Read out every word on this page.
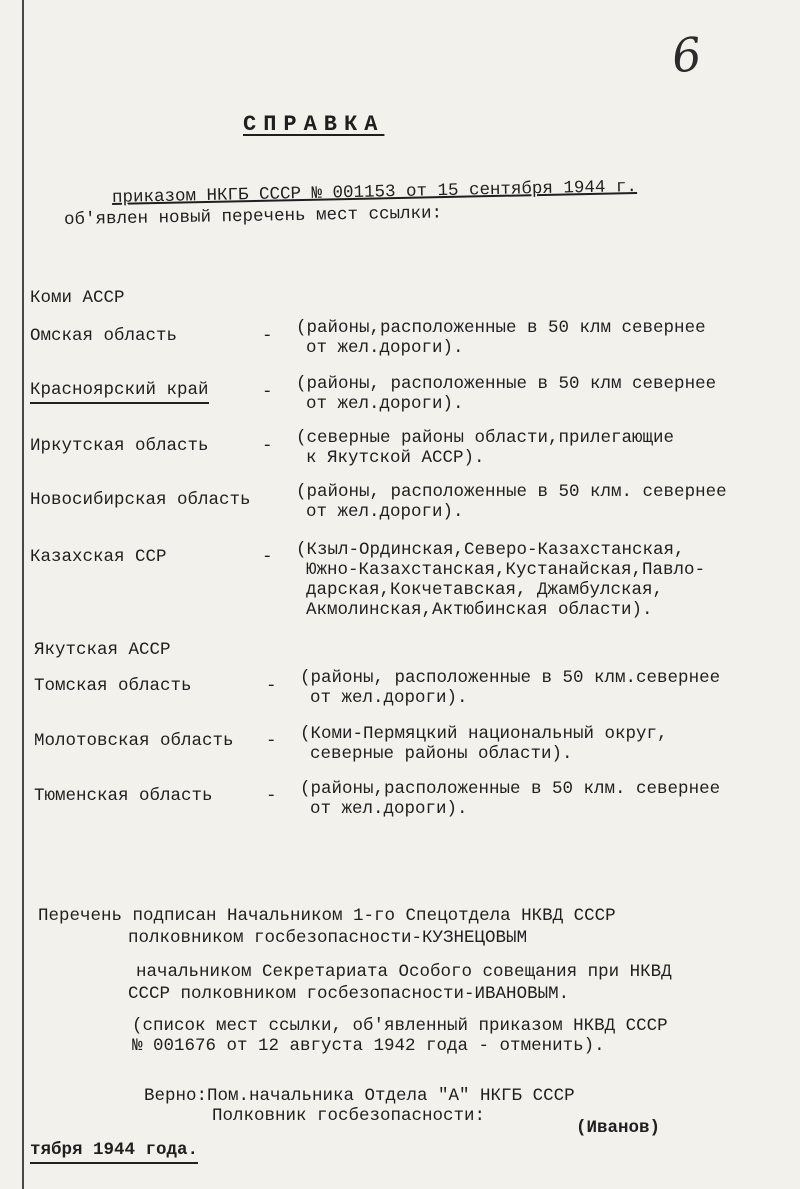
6
СПРАВКА
приказом НКГБ СССР № 001153 от 15 сентября 1944 г.
об'явлен новый перечень мест ссылки:
Коми АССР
Омская область	- (районы,расположенные в 50 клм севернее
от жел.дороги).
Красноярский край	- (районы, расположенные в 50 клм севернее
от жел.дороги).
Иркутская область	- (северные районы области,прилегающие
к Якутской АССР).
Новосибирская область	(районы, расположенные в 50 клм. севернее
от жел.дороги).
Казахская ССР	- (Кзыл-Ординская,Северо-Казахстанская,
Южно-Казахстанская,Кустанайская,Павло-
дарская,Кокчетавская, Джамбулская,
Акмолинская,Актюбинская области).
Якутская АССР
Томская область	- (районы, расположенные в 50 клм.севернее
от жел.дороги).
Молотовская область - (Коми-Пермяцкий национальный округ,
северные районы области).
Тюменская область	- (районы,расположенные в 50 клм. севернее
от жел.дороги).
Перечень подписан Начальником 1-го Спецотдела НКВД СССР
полковником госбезопасности-КУЗНЕЦОВЫМ
начальником Секретариата Особого совещания при НКВД
СССР полковником госбезопасности-ИВАНОВЫМ.
(список мест ссылки, об'явленный приказом НКВД СССР
№ 001676 от 12 августа 1942 года - отменить).
Верно:Пом.начальника Отдела "А" НКГБ СССР
Полковник госбезопасности:
(Иванов)
тября 1944 года.
